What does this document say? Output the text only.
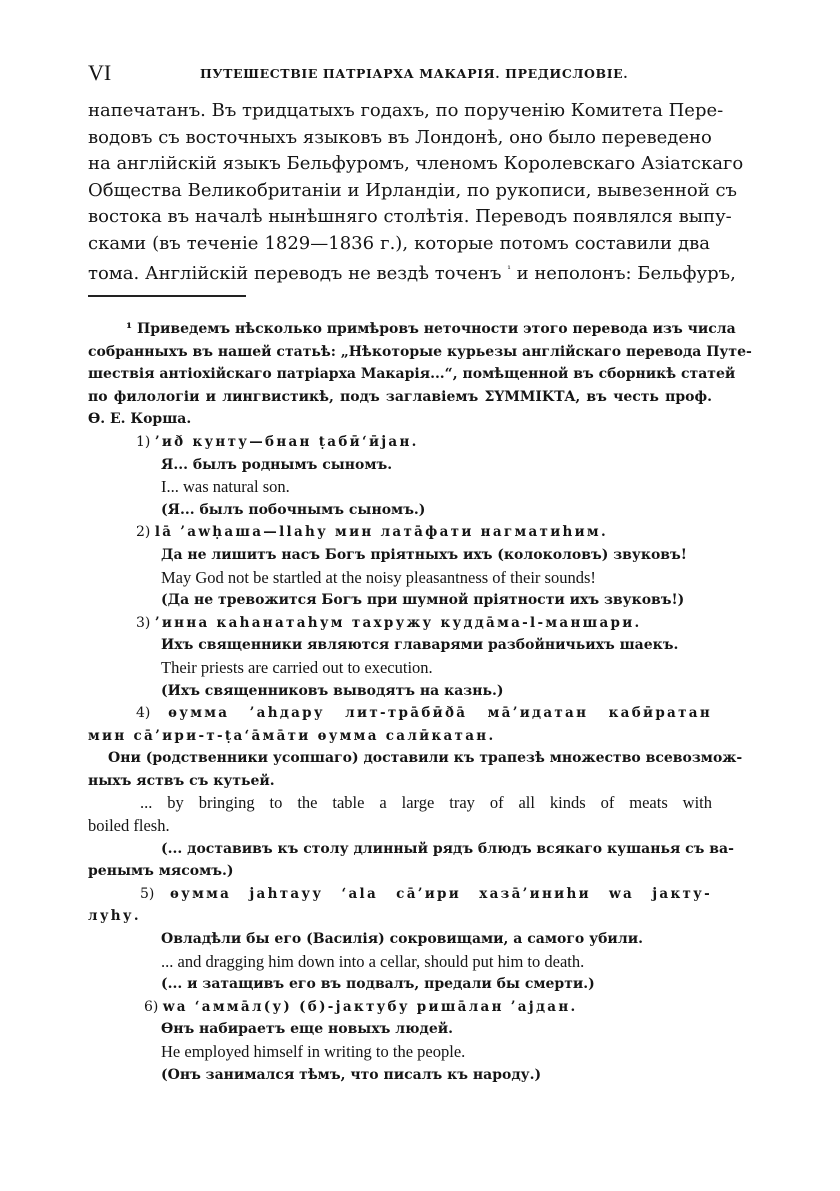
VI	ПУТЕШЕСТВІЕ ПАТРІАРХА МАКАРІЯ. ПРЕДИСЛОВІЕ.
напечатанъ. Въ тридцатыхъ годахъ, по порученію Комитета Пере-
водовъ съ восточныхъ языковъ въ Лондонѣ, оно было переведено
на англійскій языкъ Бельфуромъ, членомъ Королевскаго Азіатскаго
Общества Великобританіи и Ирландіи, по рукописи, вывезенной съ
востока въ началѣ нынѣшняго столѣтія. Переводъ появлялся выпу-
сками (въ теченіе 1829—1836 г.), которые потомъ составили два
тома. Англійскій переводъ не вездѣ точенъ $^{^1}$ и неполонъ: Бельфуръ,
¹ Приведемъ нѣсколько примѣровъ неточности этого перевода изъ числа
собранныхъ въ нашей статьѣ: „Нѣкоторые курьезы англійскаго перевода Путе-
шествія антіохійскаго патріарха Макарія...“, помѣщенной въ сборникѣ статей
по филологіи и лингвистикѣ, подъ заглавіемъ ΣΥΜΜΙΚΤΑ, въ честь проф.
Ѳ. Е. Корша.
1) ’иð кунту—бнан ṭабӣ‘ӣјан.
Я... былъ роднымъ сыномъ.
I... was natural son.
(Я... былъ побочнымъ сыномъ.)
2) lā ’awḥaшa—llaһу мин латāфати нагматиһим.
Да не лишитъ насъ Богъ пріятныхъ ихъ (колоколовъ) звуковъ!
May God not be startled at the noisy pleasantness of their sounds!
(Да не тревожится Богъ при шумной пріятности ихъ звуковъ!)
3) ’инна каһанатаһум тахружу куддāма-l-маншари.
Ихъ священники являются главарями разбойничьихъ шаекъ.
Their priests are carried out to execution.
(Ихъ священниковъ выводятъ на казнь.)
4) ѳумма ’аһдару лит-трāбӣðā мā’идатан кабӣратан
мин сā’ири-т-ṭа‘āмāти ѳумма салӣкатан.
Они (родственники усопшаго) доставили къ трапезѣ множество всевозмож-
ныхъ яствъ съ кутьей.
... by bringing to the table a large tray of all kinds of meats with
boiled flesh.
(... доставивъ къ столу длинный рядъ блюдъ всякаго кушанья съ ва-
ренымъ мясомъ.)
5) ѳумма јаһтауу ‘аlа сā’ири хазā’иниһи wa јакту-
луһу.
Овладѣли бы его (Василія) сокровищами, а самого убили.
... and dragging him down into a cellar, should put him to death.
(... и затащивъ его въ подвалъ, предали бы смерти.)
6) wa ‘аммāл(у) (б)-јактубу ришāлан ’аjдан.
Ѳнъ набираетъ еще новыхъ людей.
He employed himself in writing to the people.
(Онъ занимался тѣмъ, что писалъ къ народу.)
